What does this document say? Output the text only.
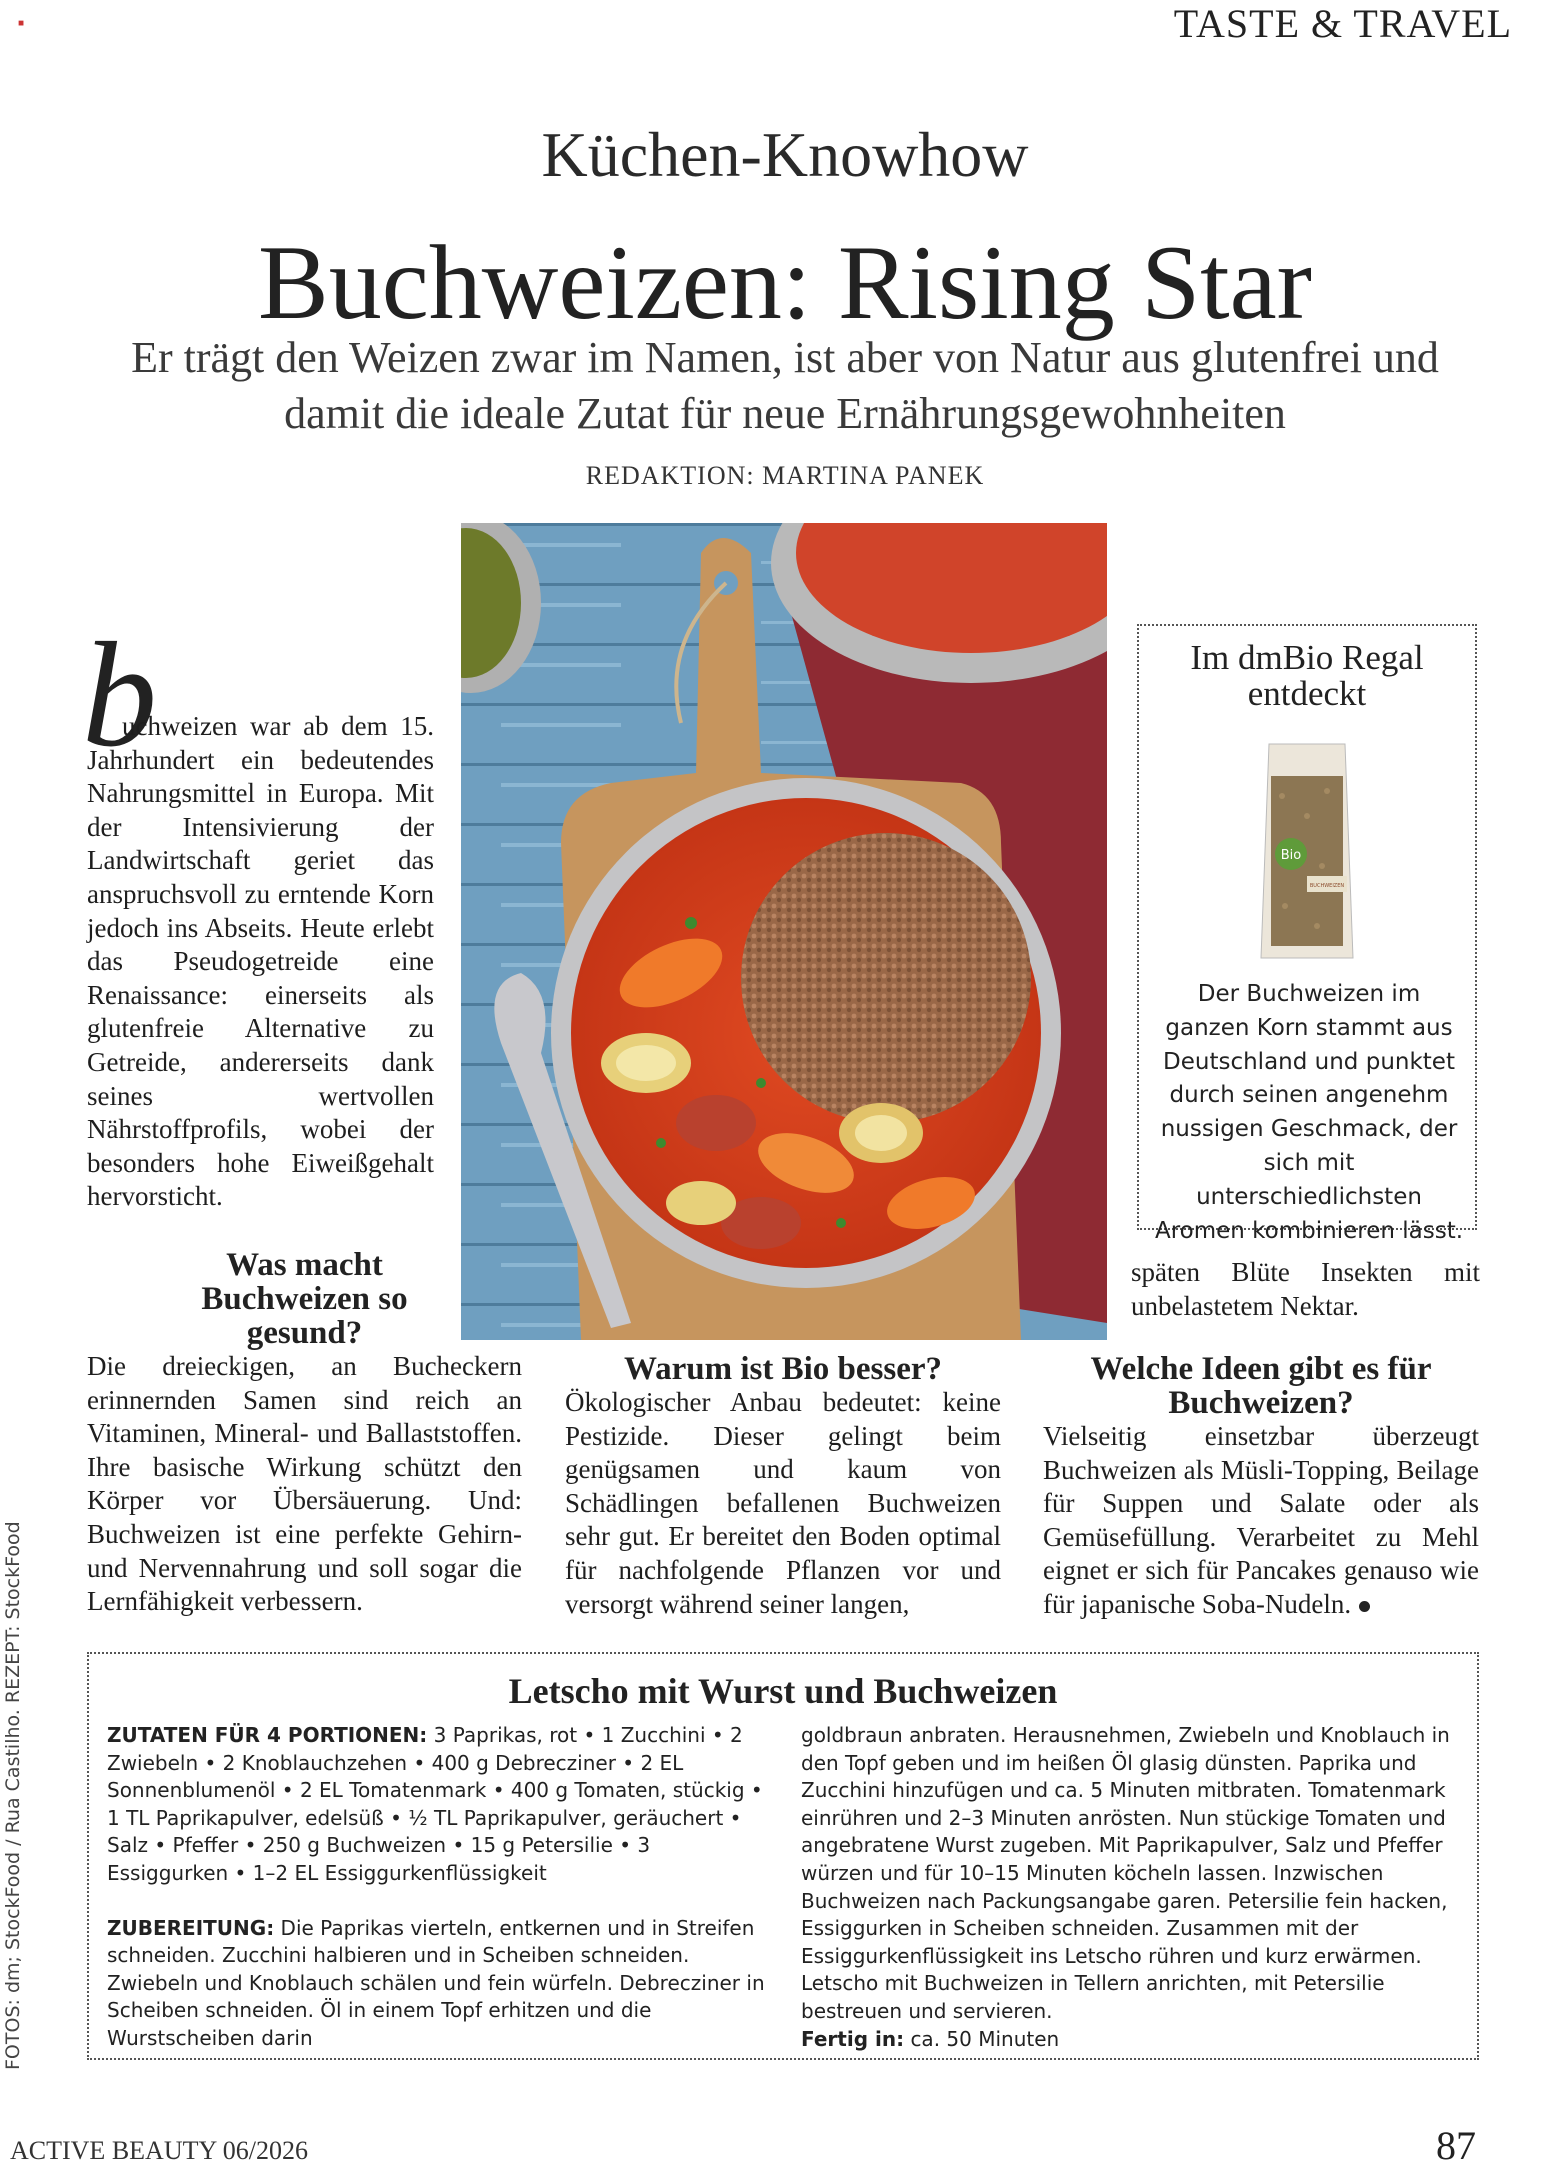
■	TASTE & TRAVEL
Küchen-Knowhow
Buchweizen: Rising Star
Er trägt den Weizen zwar im Namen, ist aber von Natur aus glutenfrei und
damit die ideale Zutat für neue Ernährungsgewohnheiten
REDAKTION: MARTINA PANEK
b

uchweizen war ab dem 15. Jahrhundert ein bedeutendes Nahrungsmittel in Europa. Mit der Intensivierung der Landwirtschaft geriet das anspruchsvoll zu erntende Korn jedoch ins Abseits. Heute erlebt das Pseudogetreide eine Renaissance: einerseits als glutenfreie Alternative zu Getreide, andererseits dank seines wertvollen Nährstoffprofils, wobei der besonders hohe Eiweißgehalt hervorsticht.

Was macht Buchweizen so gesund?

Die dreieckigen, an Bucheckern erinnernden Samen sind reich an Vitaminen, Mineral- und Ballaststoffen. Ihre basische Wirkung schützt den Körper vor Übersäuerung. Und: Buchweizen ist eine perfekte Gehirn- und Nervennahrung und soll sogar die Lernfähigkeit verbessern.

Warum ist Bio besser?

Ökologischer Anbau bedeutet: keine Pestizide. Dieser gelingt beim genügsamen und kaum von Schädlingen befallenen Buchweizen sehr gut. Er bereitet den Boden optimal für nachfolgende Pflanzen vor und versorgt während seiner langen,

späten Blüte Insekten mit unbelastetem Nektar.

Welche Ideen gibt es für Buchweizen?

Vielseitig einsetzbar überzeugt Buchweizen als Müsli-Topping, Beilage für Suppen und Salate oder als Gemüsefüllung. Verarbeitet zu Mehl eignet er sich für Pancakes genauso wie für japanische Soba-Nudeln.

Im dmBio Regal entdeckt
Bio
BUCHWEIZEN
Der Buchweizen im ganzen Korn stammt aus Deutschland und punktet durch seinen angenehm nussigen Geschmack, der sich mit unterschiedlichsten Aromen kombinieren lässt.
Letscho mit Wurst und Buchweizen

ZUTATEN FÜR 4 PORTIONEN: 3 Paprikas, rot • 1 Zucchini • 2 Zwiebeln • 2 Knoblauchzehen • 400 g Debrecziner • 2 EL Sonnenblumenöl • 2 EL Tomatenmark • 400 g Tomaten, stückig • 1 TL Paprikapulver, edelsüß • ½ TL Paprikapulver, geräuchert • Salz • Pfeffer • 250 g Buchweizen • 15 g Petersilie • 3 Essiggurken • 1–2 EL Essiggurkenflüssigkeit

ZUBEREITUNG: Die Paprikas vierteln, entkernen und in Streifen schneiden. Zucchini halbieren und in Scheiben schneiden. Zwiebeln und Knoblauch schälen und fein würfeln. Debrecziner in Scheiben schneiden. Öl in einem Topf erhitzen und die Wurstscheiben darin

goldbraun anbraten. Herausnehmen, Zwiebeln und Knoblauch in den Topf geben und im heißen Öl glasig dünsten. Paprika und Zucchini hinzufügen und ca. 5 Minuten mitbraten. Tomatenmark einrühren und 2–3 Minuten anrösten. Nun stückige Tomaten und angebratene Wurst zugeben. Mit Paprikapulver, Salz und Pfeffer würzen und für 10–15 Minuten köcheln lassen. Inzwischen Buchweizen nach Packungsangabe garen. Petersilie fein hacken, Essiggurken in Scheiben schneiden. Zusammen mit der Essiggurkenflüssigkeit ins Letscho rühren und kurz erwärmen. Letscho mit Buchweizen in Tellern anrichten, mit Petersilie bestreuen und servieren.

Fertig in: ca. 50 Minuten

FOTOS: dm; StockFood / Rua Castilho. REZEPT: StockFood
ACTIVE BEAUTY 06/2026	87
